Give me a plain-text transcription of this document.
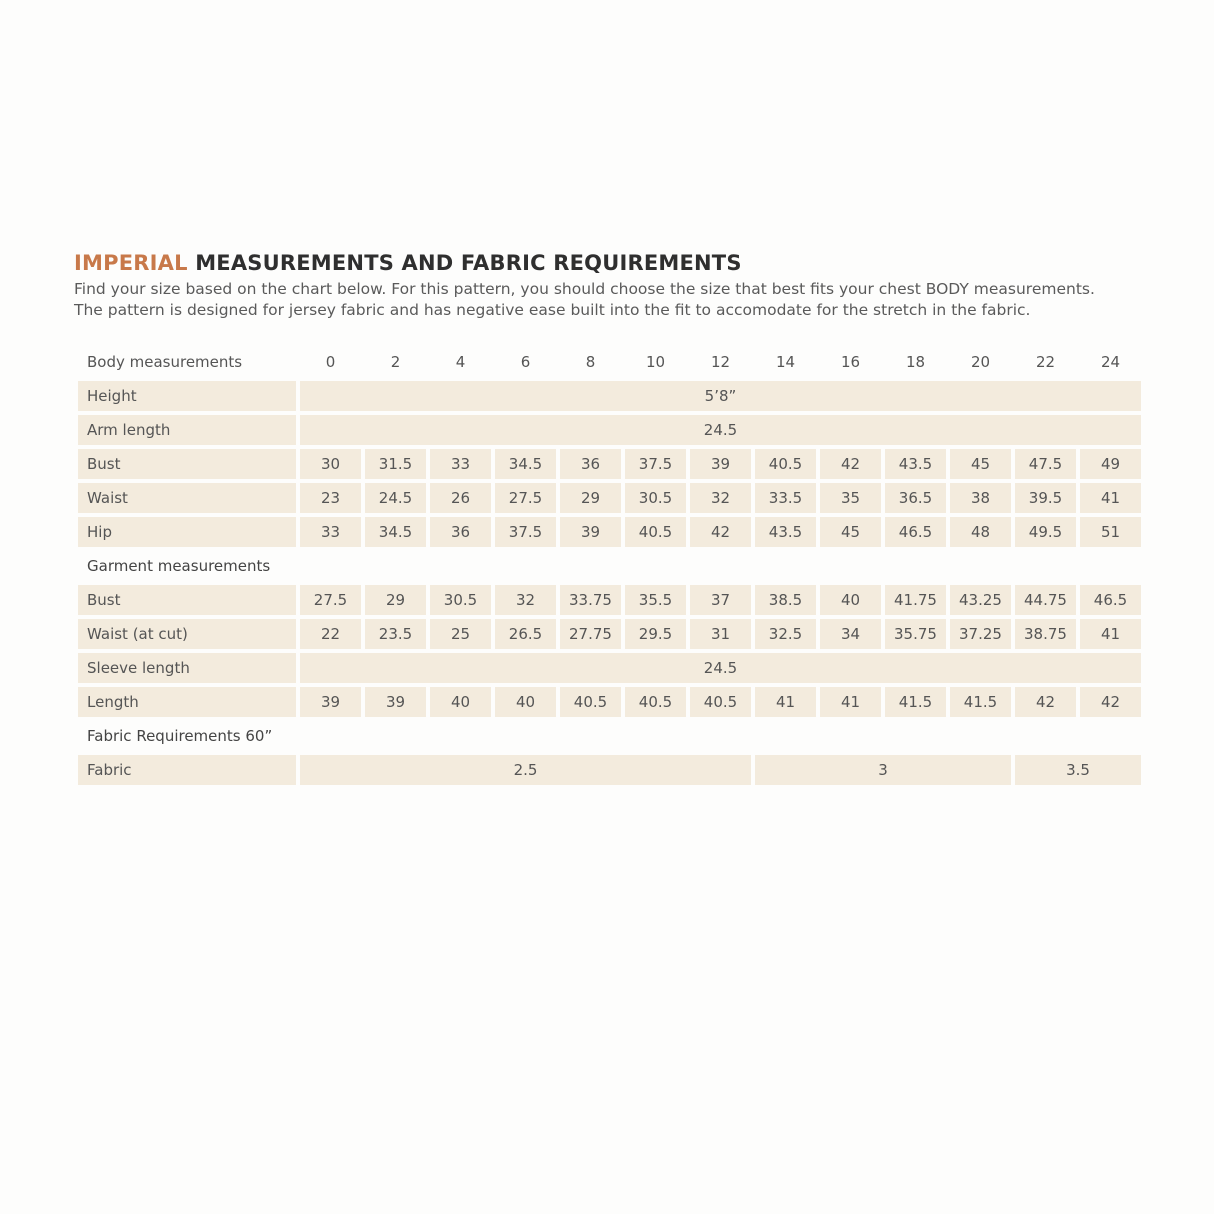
IMPERIAL MEASUREMENTS AND FABRIC REQUIREMENTS
Find your size based on the chart below. For this pattern, you should choose the size that best fits your chest BODY measurements.
The pattern is designed for jersey fabric and has negative ease built into the fit to accomodate for the stretch in the fabric.
Body measurements	0	2	4	6	8	10	12	14	16	18	20	22	24
Height	5’8”												
Arm length	24.5												
Bust	30	31.5	33	34.5	36	37.5	39	40.5	42	43.5	45	47.5	49
Waist	23	24.5	26	27.5	29	30.5	32	33.5	35	36.5	38	39.5	41
Hip	33	34.5	36	37.5	39	40.5	42	43.5	45	46.5	48	49.5	51
Garment measurements													
Bust	27.5	29	30.5	32	33.75	35.5	37	38.5	40	41.75	43.25	44.75	46.5
Waist (at cut)	22	23.5	25	26.5	27.75	29.5	31	32.5	34	35.75	37.25	38.75	41
Sleeve length	24.5												
Length	39	39	40	40	40.5	40.5	40.5	41	41	41.5	41.5	42	42
Fabric Requirements 60”													
Fabric	2.5							3				3.5	
